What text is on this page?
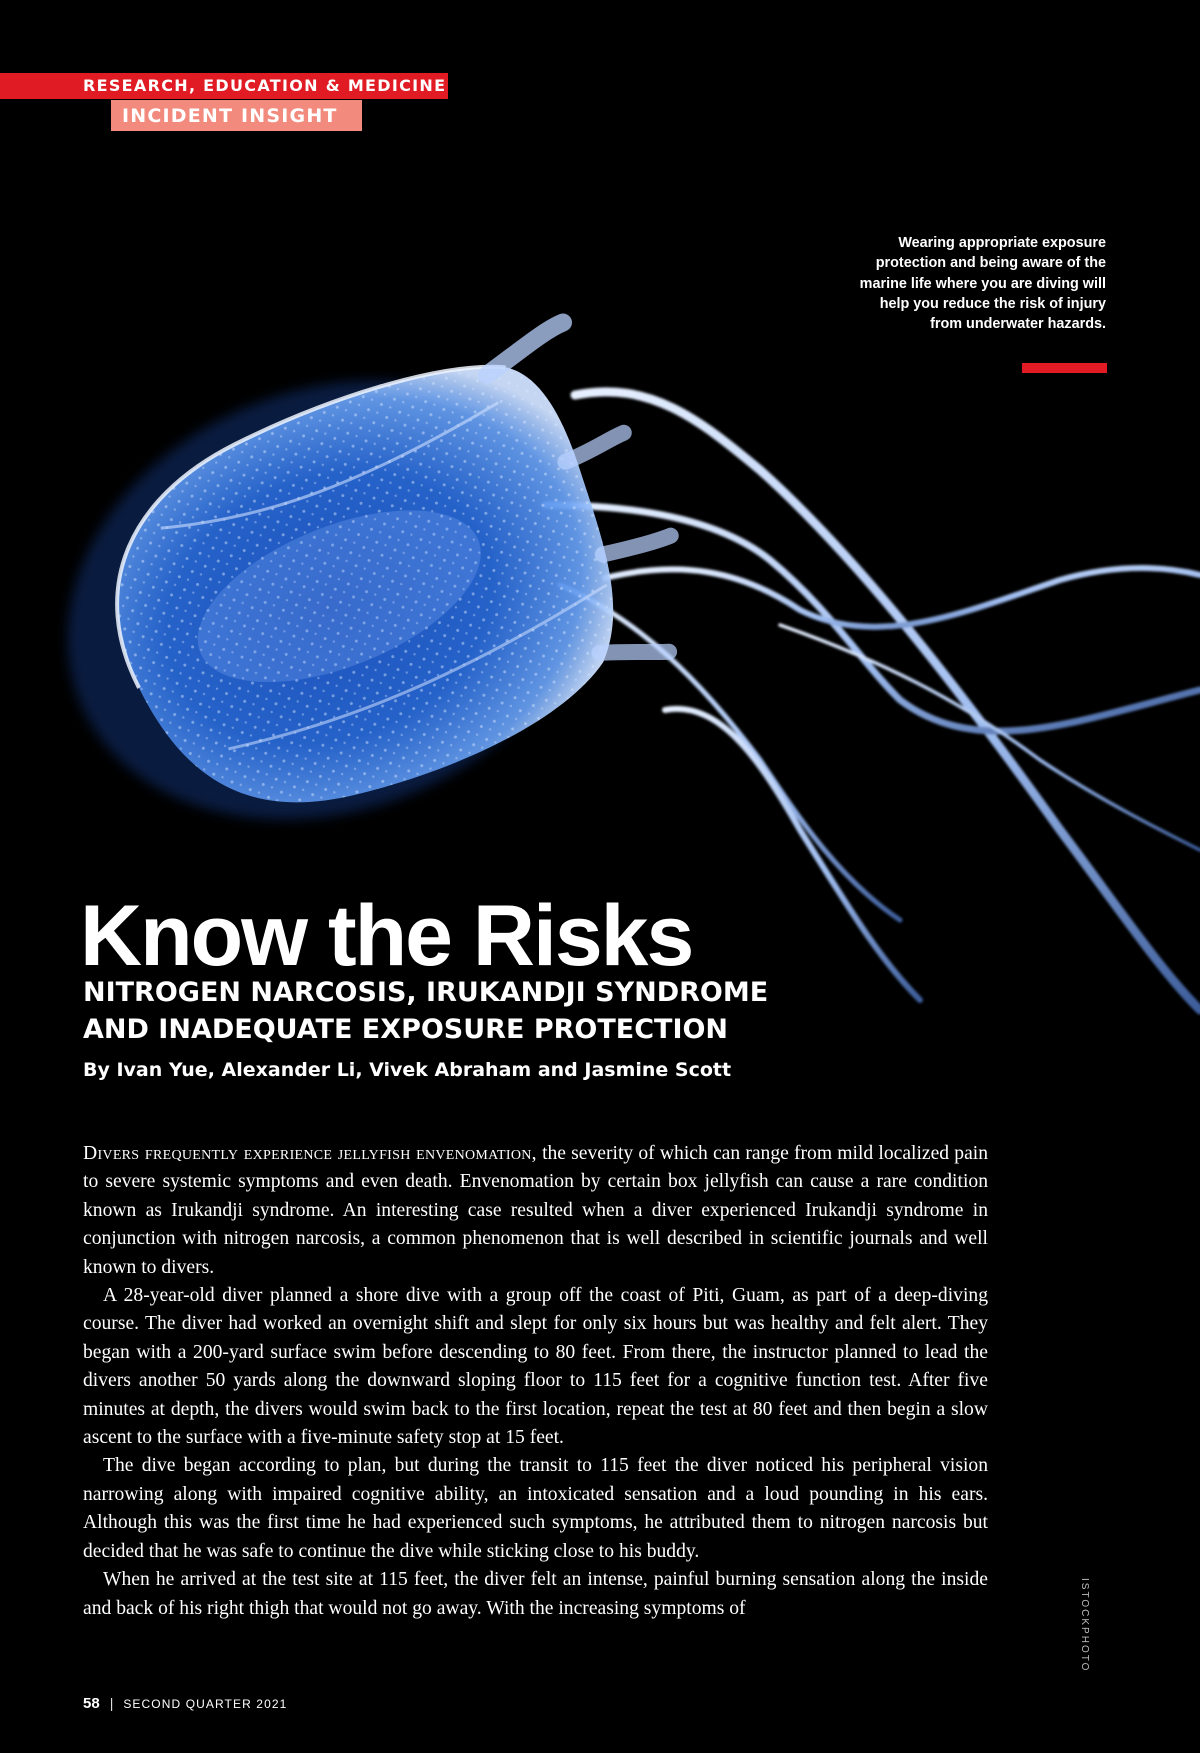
RESEARCH, EDUCATION & MEDICINE
INCIDENT INSIGHT
Wearing appropriate exposure protection and being aware of the marine life where you are diving will help you reduce the risk of injury from underwater hazards.
Know the Risks
NITROGEN NARCOSIS, IRUKANDJI SYNDROME
AND INADEQUATE EXPOSURE PROTECTION
By Ivan Yue, Alexander Li, Vivek Abraham and Jasmine Scott

Divers frequently experience jellyfish envenomation, the severity of which can range from mild localized pain to severe systemic symptoms and even death. Envenomation by certain box jellyfish can cause a rare condition known as Irukandji syndrome. An interesting case resulted when a diver experienced Irukandji syndrome in conjunction with nitrogen narcosis, a common phenomenon that is well described in scientific journals and well known to divers.

A 28-year-old diver planned a shore dive with a group off the coast of Piti, Guam, as part of a deep-diving course. The diver had worked an overnight shift and slept for only six hours but was healthy and felt alert. They began with a 200-yard surface swim before descending to 80 feet. From there, the instructor planned to lead the divers another 50 yards along the downward sloping floor to 115 feet for a cognitive function test. After five minutes at depth, the divers would swim back to the first location, repeat the test at 80 feet and then begin a slow ascent to the surface with a five-minute safety stop at 15 feet.

The dive began according to plan, but during the transit to 115 feet the diver noticed his peripheral vision narrowing along with impaired cognitive ability, an intoxicated sensation and a loud pounding in his ears. Although this was the first time he had experienced such symptoms, he attributed them to nitrogen narcosis but decided that he was safe to continue the dive while sticking close to his buddy.

When he arrived at the test site at 115 feet, the diver felt an intense, painful burning sensation along the inside and back of his right thigh that would not go away. With the increasing symptoms of	ISTOCKPHOTO
58 | SECOND QUARTER 2021
